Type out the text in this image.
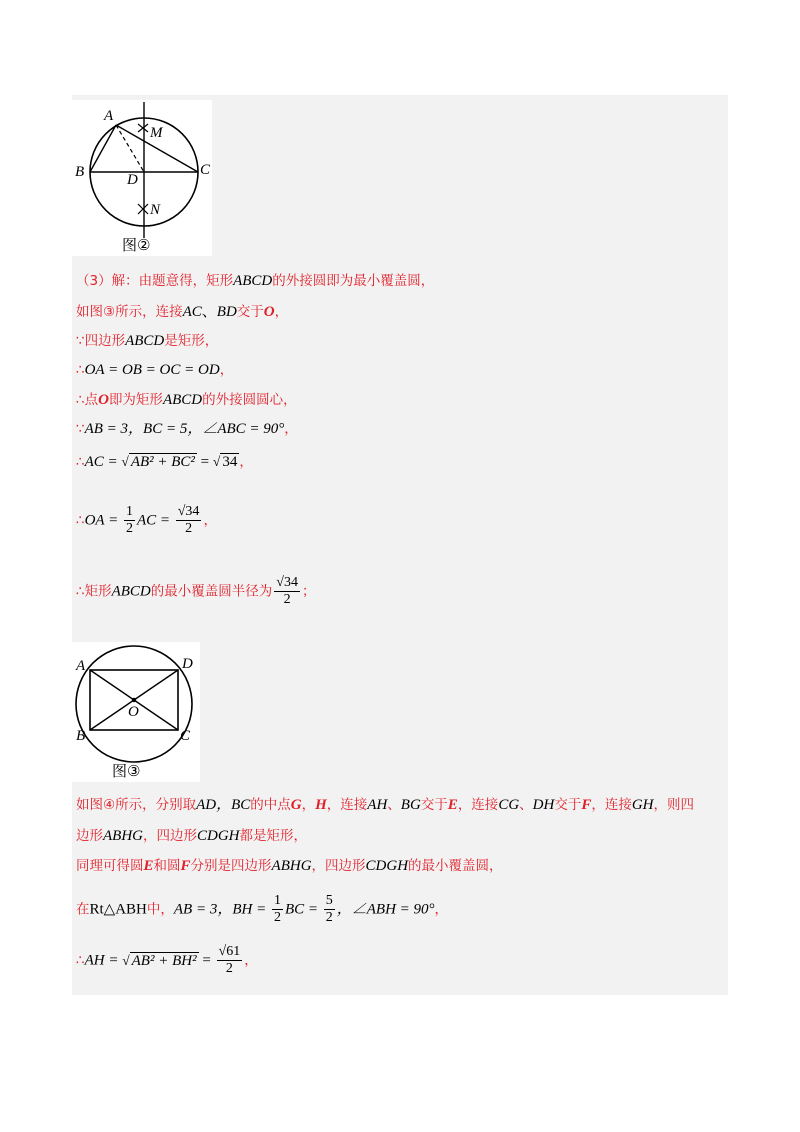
A
B	C
D
M
N
图②
（3）解：由题意得，矩形ABCD的外接圆即为最小覆盖圆，
如图③所示，连接AC、BD交于O，
∵四边形ABCD是矩形，
∴OA = OB = OC = OD，
∴点O即为矩形ABCD的外接圆圆心，
∵AB = 3，BC = 5，∠ABC = 90°，
∴AC = √ AB² + BC² = √ 34 ，
∴OA = $\frac{1}{2}$ AC = $\frac{√34}{2}$ ，
∴矩形ABCD的最小覆盖圆半径为 $\frac{√34}{2}$ ；
A	D
B	C
O
图③
如图④所示，分别取AD，BC的中点G，H，连接AH、BG交于E，连接CG、DH交于F，连接GH，则四
边形ABHG，四边形CDGH都是矩形，
同理可得圆E和圆F分别是四边形ABHG，四边形CDGH的最小覆盖圆，
在Rt△ABH中，AB = 3，BH = $\frac{1}{2}$ BC = $\frac{5}{2}$ ，∠ABH = 90°，
∴AH = √ $AB^2 + BH^2 = \frac{√61}{2}$ ，
